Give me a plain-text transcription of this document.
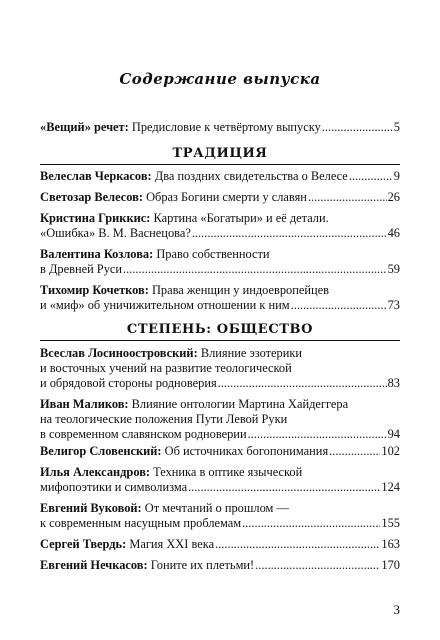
Содержание выпуска
«Вещий» речет: Предисловие к четвёртому выпуску .....	5
ТРАДИЦИЯ
Велеслав Черкасов: Два поздних свидетельства о Велесе .....	9
Светозар Велесов: Образ Богини смерти у славян .....	26
Кристина Гриккис: Картина «Богатыри» и её детали.
«Ошибка» В. М. Васнецова? .....	46
Валентина Козлова: Право собственности
в Древней Руси .....	59
Тихомир Кочетков: Права женщин у индоевропейцев
и «миф» об уничижительном отношении к ним .....	73
СТЕПЕНЬ: ОБЩЕСТВО
Всеслав Лосиноостровский: Влияние эзотерики
и восточных учений на развитие теологической
и обрядовой стороны родноверия .....	83
Иван Маликов: Влияние онтологии Мартина Хайдеггера
на теологические положения Пути Левой Руки
в современном славянском родноверии .....	94
Велигор Словенский: Об источниках богопонимания .....	102
Илья Александров: Техника в оптике языческой
мифопоэтики и символизма .....	124
Евгений Вуковой: От мечтаний о прошлом —
к современным насущным проблемам .....	155
Сергей Твердь: Магия XXI века .....	163
Евгений Нечкасов: Гоните их плетьми! .....	170
3
